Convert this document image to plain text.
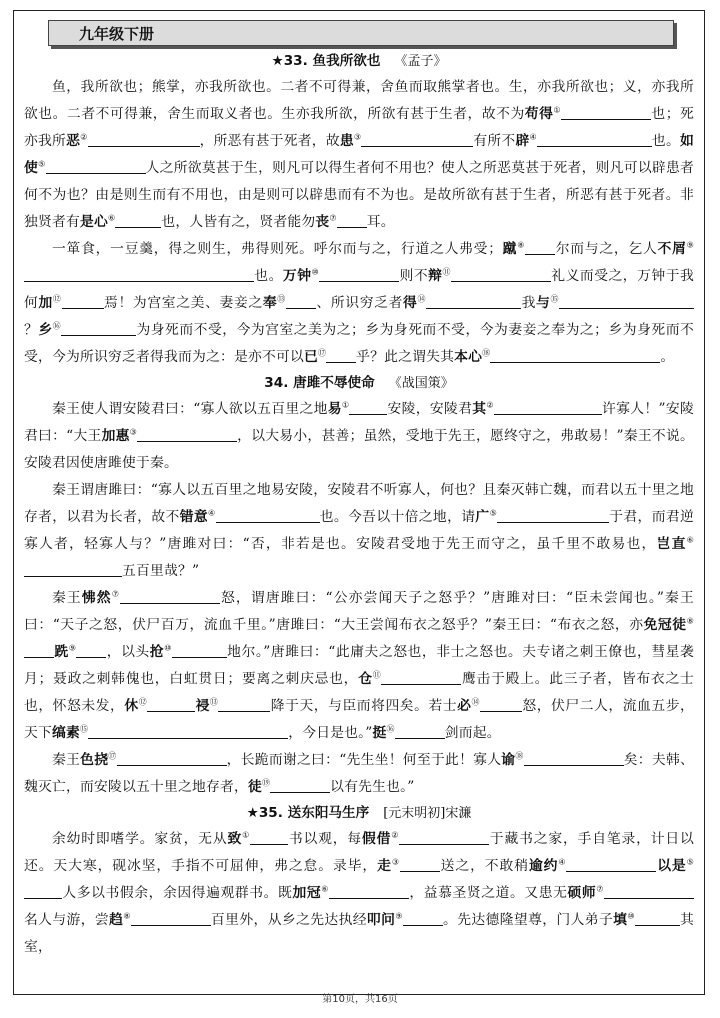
九年级下册
★33. 鱼我所欲也 《孟子》

鱼，我所欲也；熊掌，亦我所欲也。二者不可得兼，舍鱼而取熊掌者也。生，亦我所欲也；义，亦我所欲也。二者不可得兼，舍生而取义者也。生亦我所欲，所欲有甚于生者，故不为苟得①	也；死亦我所恶②	，所恶有甚于死者，故患③	有所不辟④	也。如使⑤	人之所欲莫甚于生，则凡可以得生者何不用也？使人之所恶莫甚于死者，则凡可以辟患者何不为也？由是则生而有不用也，由是则可以辟患而有不为也。是故所欲有甚于生者，所恶有甚于死者。非独贤者有是心⑥	也，人皆有之，贤者能勿丧⑦ 耳。

一箪食，一豆羹，得之则生，弗得则死。呼尔而与之，行道之人弗受；蹴⑧ 尔而与之，乞人不屑⑨也。万钟⑩	则不辩⑪	礼义而受之，万钟于我何加⑫	焉！为宫室之美、妻妾之奉⑬ 、所识穷乏者得⑭	我与⑮？乡⑯	为身死而不受，今为宫室之美为之；乡为身死而不受，今为妻妾之奉为之；乡为身死而不受，今为所识穷乏者得我而为之：是亦不可以已⑰ 乎？此之谓失其本心⑱	。

34. 唐雎不辱使命 《战国策》

秦王使人谓安陵君曰：“寡人欲以五百里之地易①	安陵，安陵君其②	许寡人！”安陵君曰：“大王加惠③	，以大易小，甚善；虽然，受地于先王，愿终守之，弗敢易！”秦王不说。安陵君因使唐雎使于秦。

秦王谓唐雎曰：“寡人以五百里之地易安陵，安陵君不听寡人，何也？且秦灭韩亡魏，而君以五十里之地存者，以君为长者，故不错意④	也。今吾以十倍之地，请广⑤	于君，而君逆寡人者，轻寡人与？”唐雎对曰：“否，非若是也。安陵君受地于先王而守之，虽千里不敢易也，岂直⑥五百里哉？”

秦王怫然⑦	怒，谓唐雎曰：“公亦尝闻天子之怒乎？”唐雎对曰：“臣未尝闻也。”秦王曰：“天子之怒，伏尸百万，流血千里。”唐雎曰：“大王尝闻布衣之怒乎？”秦王曰：“布衣之怒，亦免冠徒⑧跣⑨ ，以头抢⑩	地尔。”唐雎曰：“此庸夫之怒也，非士之怒也。夫专诸之刺王僚也，彗星袭月；聂政之刺韩傀也，白虹贯日；要离之刺庆忌也，仓⑪	鹰击于殿上。此三子者，皆布衣之士也，怀怒未发，休⑫	祲⑬	降于天，与臣而将四矣。若士必⑭	怒，伏尸二人，流血五步，天下缟素⑮	，今日是也。”挺⑯	剑而起。

秦王色挠⑰	，长跪而谢之曰：“先生坐！何至于此！寡人谕⑱	矣：夫韩、魏灭亡，而安陵以五十里之地存者，徒⑲	以有先生也。”

★35. 送东阳马生序 [元末明初]宋濂

余幼时即嗜学。家贫，无从致①	书以观，每假借②	于藏书之家，手自笔录，计日以还。天大寒，砚冰坚，手指不可屈伸，弗之怠。录毕，走③	送之，不敢稍逾约④	以是⑤人多以书假余，余因得遍观群书。既加冠⑥	，益慕圣贤之道。又患无硕师⑦名人与游，尝趋⑧	百里外，从乡之先达执经叩问⑨	。先达德隆望尊，门人弟子填⑩	其室，

第10页，共16页
